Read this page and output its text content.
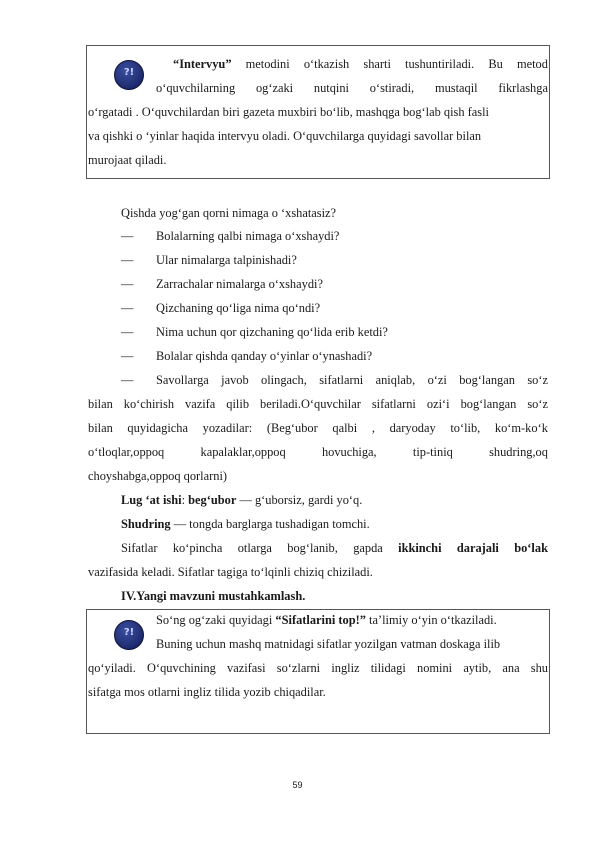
?!
“Intervyu” metodini o‘tkazish sharti tushuntiriladi. Bu metod
o‘quvchilarning og‘zaki nutqini o‘stiradi, mustaqil fikrlashga
o‘rgatadi . O‘quvchilardan biri gazeta muxbiri bo‘lib, mashqga bog‘lab qish fasli
va qishki o ‘yinlar haqida intervyu oladi. O‘quvchilarga quyidagi savollar bilan
murojaat qiladi.
Qishda yog‘gan qorni nimaga o ‘xshatasiz?
— Bolalarning qalbi nimaga o‘xshaydi?
— Ular nimalarga talpinishadi?
— Zarrachalar nimalarga o‘xshaydi?
— Qizchaning qo‘liga nima qo‘ndi?
— Nima uchun qor qizchaning qo‘lida erib ketdi?
— Bolalar qishda qanday o‘yinlar o‘ynashadi?
— Savollarga javob olingach, sifatlarni aniqlab, o‘zi bog‘langan so‘z
bilan ko‘chirish vazifa qilib beriladi.O‘quvchilar sifatlarni ozi‘i bog‘langan so‘z
bilan quyidagicha yozadilar: (Beg‘ubor qalbi , daryoday to‘lib, ko‘m-ko‘k
o‘tloqlar,oppoq	kapalaklar,oppoq	hovuchiga,	tip-tiniq	shudring,oq
choyshabga,oppoq qorlarni)
Lug ‘at ishi: beg‘ubor — g‘uborsiz, gardi yo‘q.
Shudring — tongda barglarga tushadigan tomchi.
Sifatlar ko‘pincha otlarga bog‘lanib, gapda ikkinchi darajali bo‘lak
vazifasida keladi. Sifatlar tagiga to‘lqinli chiziq chiziladi.
IV.Yangi mavzuni mustahkamlash.
?!
So‘ng og‘zaki quyidagi “Sifatlarini top!” ta’limiy o‘yin o‘tkaziladi.
Buning uchun mashq matnidagi sifatlar yozilgan vatman doskaga ilib
qo‘yiladi. O‘quvchining vazifasi so‘zlarni ingliz tilidagi nomini aytib, ana shu
sifatga mos otlarni ingliz tilida yozib chiqadilar.
59
